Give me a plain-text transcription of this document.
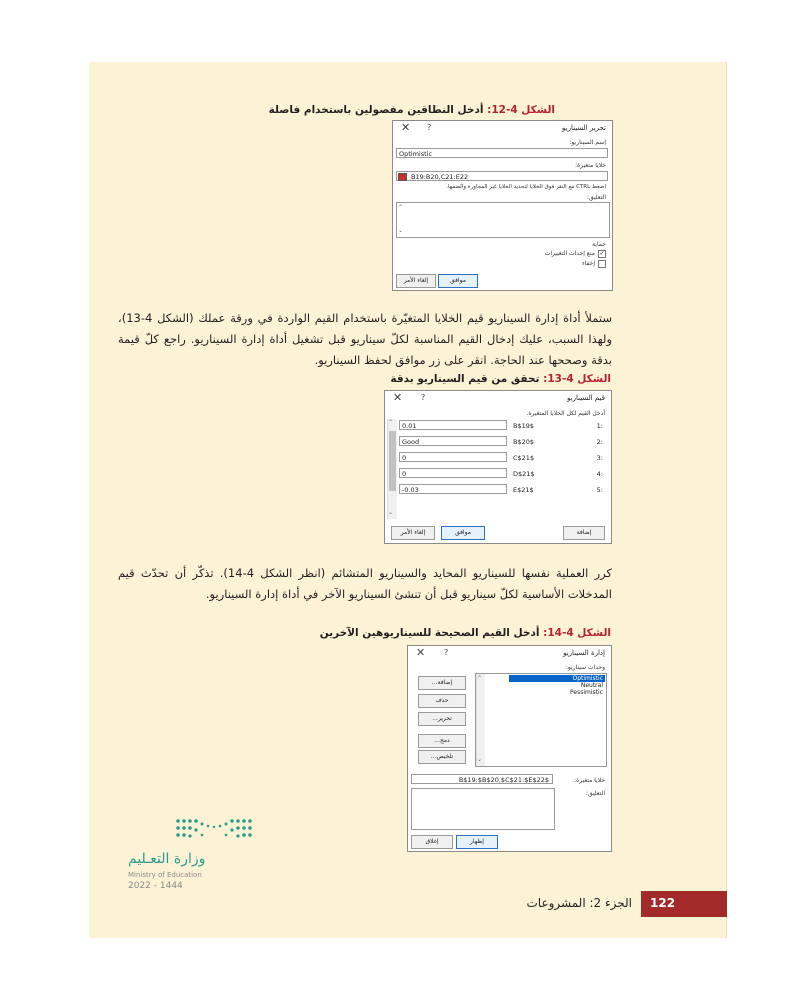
الشكل 4-12: أدخل النطاقين مفصولين باستخدام فاصلة
✕ ?	تحرير السيناريو
إسم السيناريو:
Optimistic
خلايا متغيرة:
B19:B20,C21:E22
اضغط CTRL مع النقر فوق الخلايا لتحديد الخلايا غير المجاورة والضمها.
التعليق:
⌃
⌄
حماية
✓
منع إحداث التغييرات
إخفاء
موافق
إلغاء الأمر
ستملأ أداة إدارة السيناريو قيم الخلايا المتغيّرة باستخدام القيم الواردة في ورقة عملك (الشكل 4-13)، ولهذا السبب، عليك إدخال القيم المناسبة لكلّ سيناريو قبل تشغيل أداة إدارة السيناريو. راجع كلّ قيمة بدقة وصححها عند الحاجة. انقر على زر موافق لحفظ السيناريو.
الشكل 4-13: تحقق من قيم السيناريو بدقة
✕ ?	قيم السيناريو
أدخل القيم لكل الخلايا المتغيرة.
⌃
⌄
0.01	B$19$	1:
Good	B$20$	2:
0	C$21$	3:
0	D$21$	4:
-0.03	E$21$	5:
إضافة
موافق
إلغاء الأمر
كرر العملية نفسها للسيناريو المحايد والسيناريو المتشائم (انظر الشكل 4-14). تذكّر أن تحدّث قيم المدخلات الأساسية لكلّ سيناريو قبل أن تنشئ السيناريو الآخر في أداة إدارة السيناريو.
الشكل 4-14: أدخل القيم الصحيحة للسيناريوهين الآخرين
✕ ?	إدارة السيناريو
وحدات سيناريو:
Optimistic
Neutral
Pessimistic
⌃
⌄
إضافة...
حذف
تحرير...
دمج...
تلخيص...
خلايا متغيرة:
B$19:$B$20,$C$21:$E$22$
التعليق:
إظهار
إغلاق
وزارة التعـليم
Ministry of Education
2022 - 1444
122
الجزء 2: المشروعات
